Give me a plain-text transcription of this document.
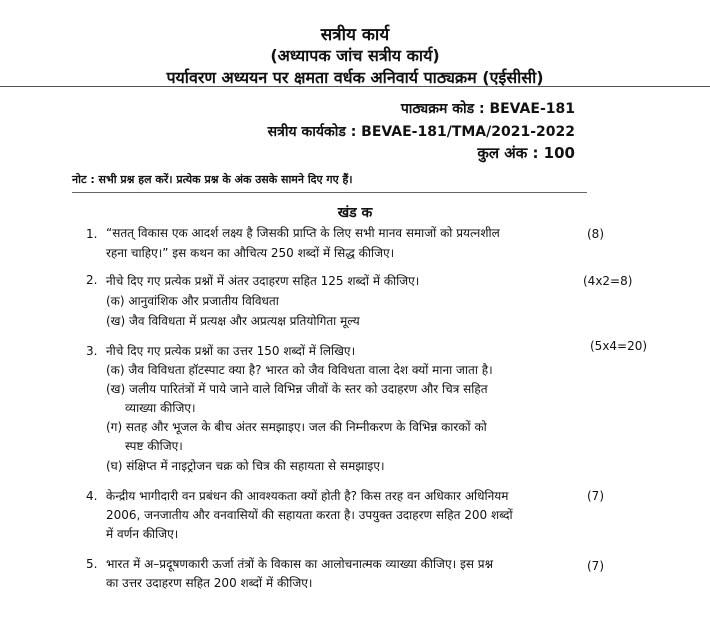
सत्रीय कार्य
(अध्यापक जांच सत्रीय कार्य)
पर्यावरण अध्ययन पर क्षमता वर्धक अनिवार्य पाठ्यक्रम (एईसीसी)
पाठ्यक्रम कोड : BEVAE-181
सत्रीय कार्यकोड : BEVAE-181/TMA/2021-2022
कुल अंक : 100
नोट : सभी प्रश्न हल करें। प्रत्येक प्रश्न के अंक उसके सामने दिए गए हैं।
खंड क
1. “सतत् विकास एक आदर्श लक्ष्य है जिसकी प्राप्ति के लिए सभी मानव समाजों को प्रयत्नशील
रहना चाहिए।” इस कथन का औचित्य 250 शब्दों में सिद्ध कीजिए।
(8)
2. नीचे दिए गए प्रत्येक प्रश्नों में अंतर उदाहरण सहित 125 शब्दों में कीजिए।
(क) आनुवांशिक और प्रजातीय विविधता
(ख) जैव विविधता में प्रत्यक्ष और अप्रत्यक्ष प्रतियोगिता मूल्य
(4x2=8)
3. नीचे दिए गए प्रत्येक प्रश्नों का उत्तर 150 शब्दों में लिखिए।
(क) जैव विविधता हॉटस्पाट क्या है? भारत को जैव विविधता वाला देश क्यों माना जाता है।
(ख) जलीय पारितंत्रों में पाये जाने वाले विभिन्न जीवों के स्तर को उदाहरण और चित्र सहित
व्याख्या कीजिए।
(ग) सतह और भूजल के बीच अंतर समझाइए। जल की निम्नीकरण के विभिन्न कारकों को
स्पष्ट कीजिए।
(घ) संक्षिप्त में नाइट्रोजन चक्र को चित्र की सहायता से समझाइए।
(5x4=20)
4. केन्द्रीय भागीदारी वन प्रबंधन की आवश्यकता क्यों होती है? किस तरह वन अधिकार अधिनियम
2006, जनजातीय और वनवासियों की सहायता करता है। उपयुक्त उदाहरण सहित 200 शब्दों
में वर्णन कीजिए।
(7)
5. भारत में अ–प्रदूषणकारी ऊर्जा तंत्रों के विकास का आलोचनात्मक व्याख्या कीजिए। इस प्रश्न
का उत्तर उदाहरण सहित 200 शब्दों में कीजिए।
(7)
